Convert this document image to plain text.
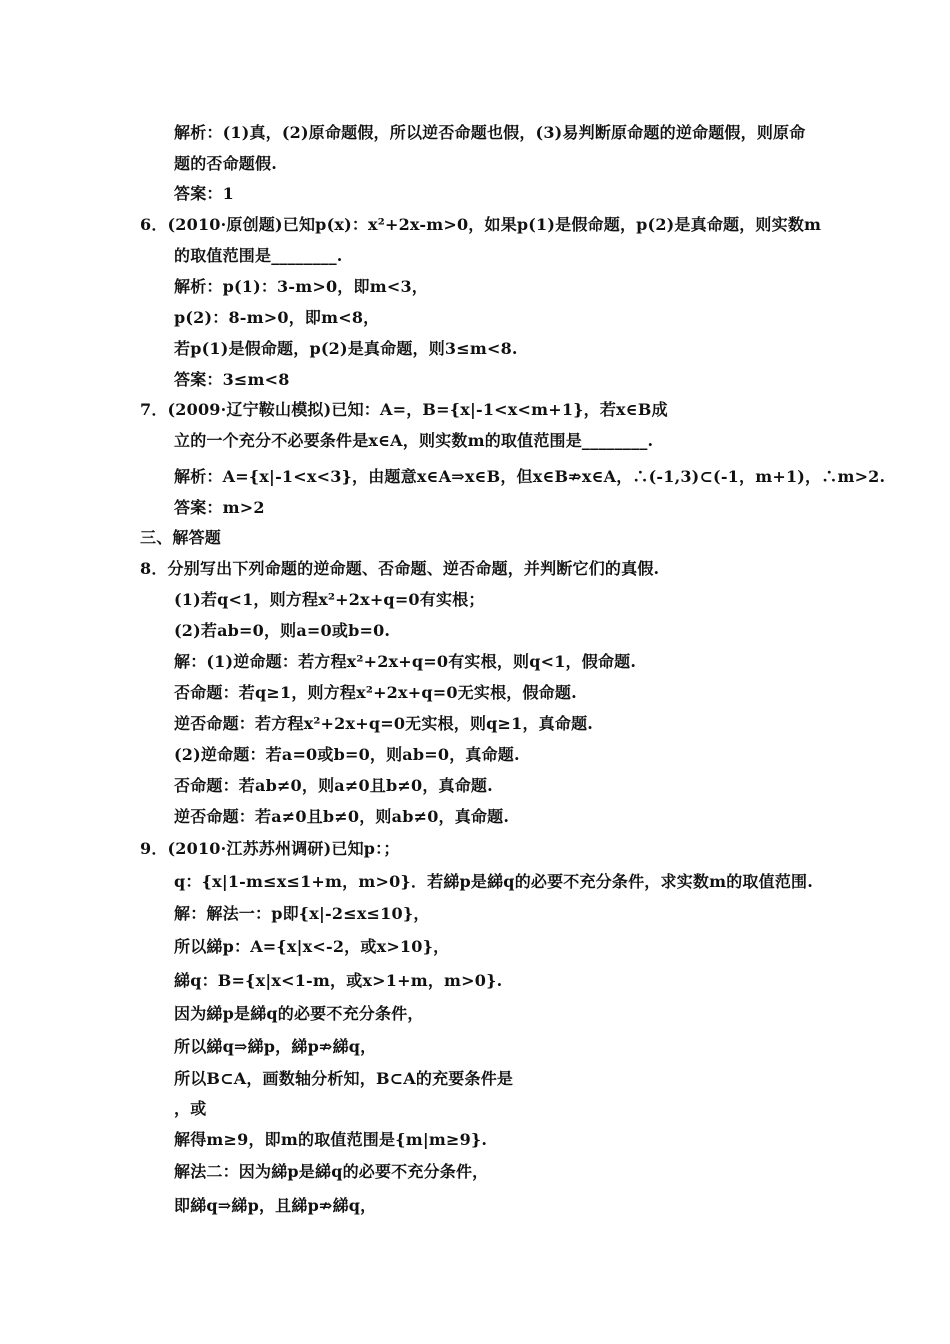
解析：(1)真，(2)原命题假，所以逆否命题也假，(3)易判断原命题的逆命题假，则原命
题的否命题假.
答案：1
6．(2010·原创题)已知p(x)：x²+2x-m>0，如果p(1)是假命题，p(2)是真命题，则实数m
的取值范围是________.
解析：p(1)：3-m>0，即m<3，
p(2)：8-m>0，即m<8，
若p(1)是假命题，p(2)是真命题，则3≤m<8.
答案：3≤m<8
7．(2009·辽宁鞍山模拟)已知：A=，B={x|-1<x<m+1}，若x∈B成
立的一个充分不必要条件是x∈A，则实数m的取值范围是________.
解析：A={x|-1<x<3}，由题意x∈A⇒x∈B，但x∈B⇏x∈A，∴(-1,3)⊂(-1，m+1)，∴m>2.
答案：m>2
三、解答题
8．分别写出下列命题的逆命题、否命题、逆否命题，并判断它们的真假.
(1)若q<1，则方程x²+2x+q=0有实根；
(2)若ab=0，则a=0或b=0.
解：(1)逆命题：若方程x²+2x+q=0有实根，则q<1，假命题.
否命题：若q≥1，则方程x²+2x+q=0无实根，假命题.
逆否命题：若方程x²+2x+q=0无实根，则q≥1，真命题.
(2)逆命题：若a=0或b=0，则ab=0，真命题.
否命题：若ab≠0，则a≠0且b≠0，真命题.
逆否命题：若a≠0且b≠0，则ab≠0，真命题.
9．(2010·江苏苏州调研)已知p：；
q：{x|1-m≤x≤1+m，m>0}．若綈p是綈q的必要不充分条件，求实数m的取值范围.
解：解法一：p即{x|-2≤x≤10}，
所以綈p：A={x|x<-2，或x>10}，
綈q：B={x|x<1-m，或x>1+m，m>0}.
因为綈p是綈q的必要不充分条件，
所以綈q⇒綈p，綈p⇏綈q，
所以B⊂A，画数轴分析知，B⊂A的充要条件是
，或
解得m≥9，即m的取值范围是{m|m≥9}.
解法二：因为綈p是綈q的必要不充分条件，
即綈q⇒綈p，且綈p⇏綈q，
